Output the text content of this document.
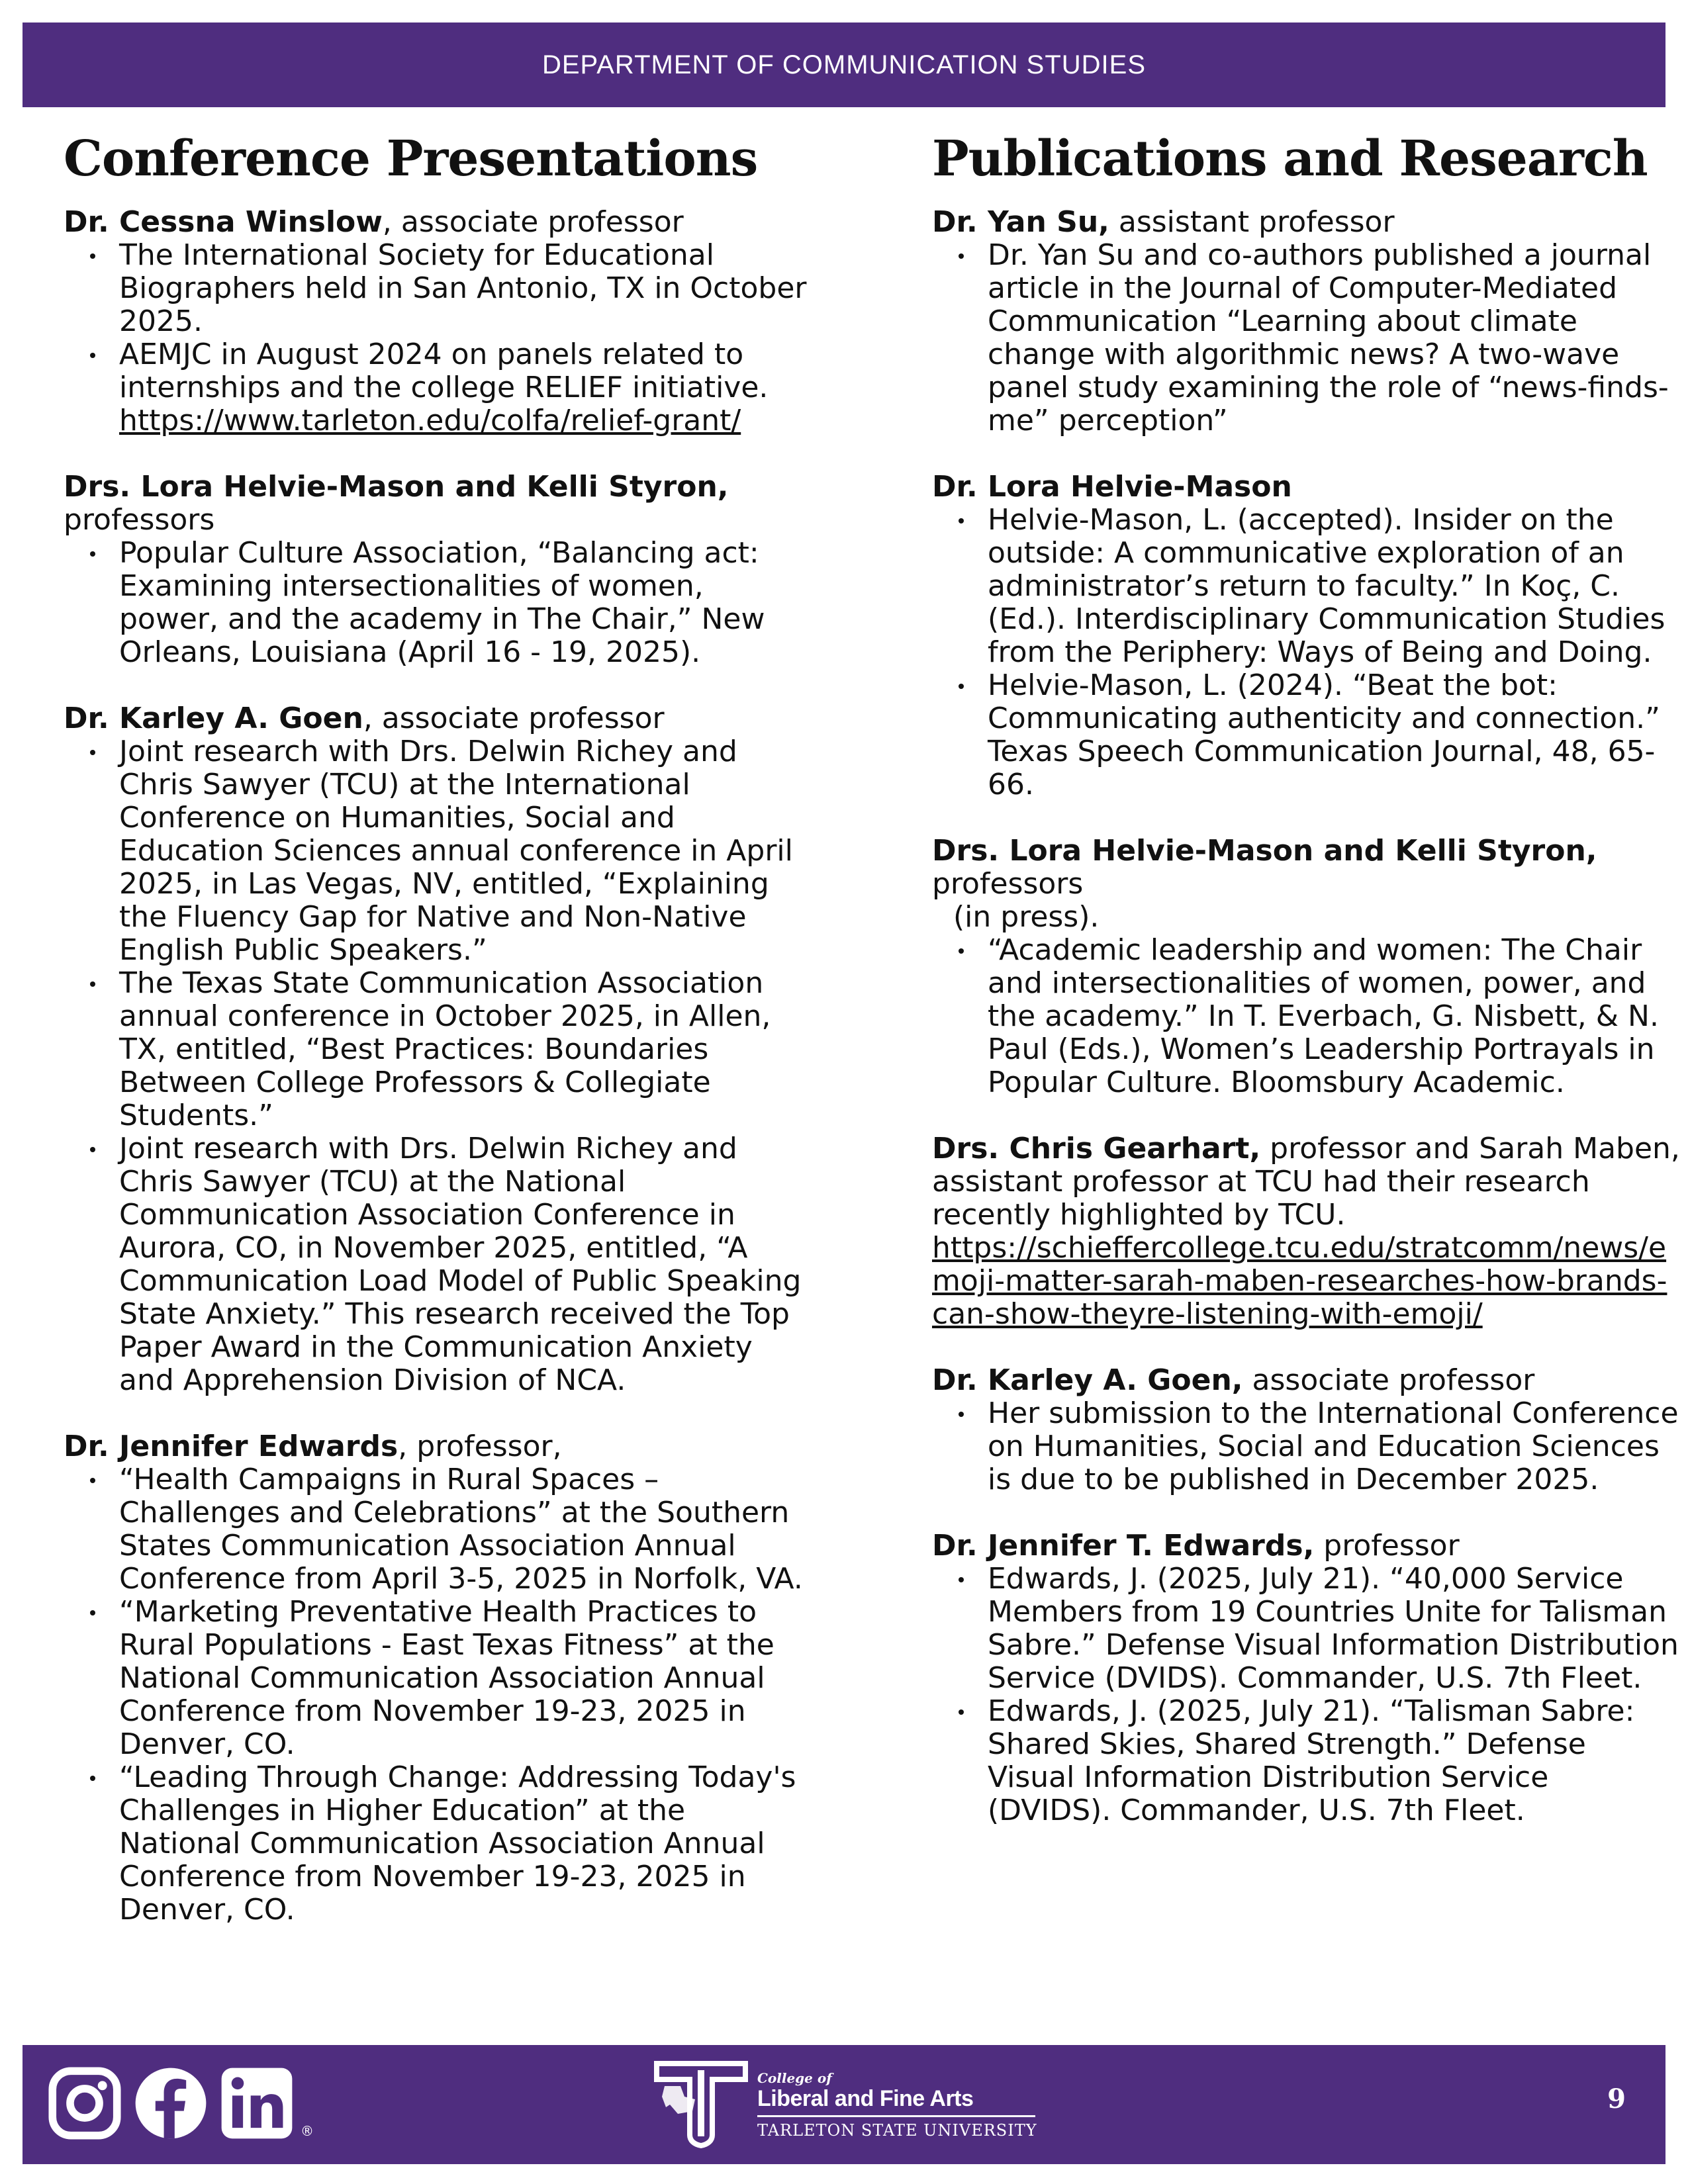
DEPARTMENT OF COMMUNICATION STUDIES
Conference Presentations
Dr. Cessna Winslow, associate professor
The International Society for Educational Biographers held in San Antonio, TX in October 2025.
AEMJC in August 2024 on panels related to internships and the college RELIEF initiative.
https://www.tarleton.edu/colfa/relief-grant/
Drs. Lora Helvie-Mason and Kelli Styron,
professors
Popular Culture Association, “Balancing act: Examining intersectionalities of women, power, and the academy in The Chair,” New Orleans, Louisiana (April 16 - 19, 2025).
Dr. Karley A. Goen, associate professor
Joint research with Drs. Delwin Richey and Chris Sawyer (TCU) at the International Conference on Humanities, Social and Education Sciences annual conference in April 2025, in Las Vegas, NV, entitled, “Explaining the Fluency Gap for Native and Non-Native English Public Speakers.”
The Texas State Communication Association annual conference in October 2025, in Allen, TX, entitled, “Best Practices: Boundaries Between College Professors & Collegiate Students.”
Joint research with Drs. Delwin Richey and Chris Sawyer (TCU) at the National Communication Association Conference in Aurora, CO, in November 2025, entitled, “A Communication Load Model of Public Speaking State Anxiety.” This research received the Top Paper Award in the Communication Anxiety and Apprehension Division of NCA.
Dr. Jennifer Edwards, professor,
“Health Campaigns in Rural Spaces – Challenges and Celebrations” at the Southern States Communication Association Annual Conference from April 3-5, 2025 in Norfolk, VA.
“Marketing Preventative Health Practices to Rural Populations - East Texas Fitness” at the National Communication Association Annual Conference from November 19-23, 2025 in Denver, CO.
“Leading Through Change: Addressing Today's Challenges in Higher Education” at the National Communication Association Annual Conference from November 19-23, 2025 in Denver, CO.
Publications and Research
Dr. Yan Su, assistant professor
Dr. Yan Su and co-authors published a journal article in the Journal of Computer-Mediated Communication “Learning about climate change with algorithmic news? A two-wave panel study examining the role of “news-finds-me” perception”
Dr. Lora Helvie-Mason
Helvie-Mason, L. (accepted). Insider on the outside: A communicative exploration of an administrator’s return to faculty.” In Koç, C. (Ed.). Interdisciplinary Communication Studies from the Periphery: Ways of Being and Doing.
Helvie-Mason, L. (2024). “Beat the bot: Communicating authenticity and connection.” Texas Speech Communication Journal, 48, 65-66.
Drs. Lora Helvie-Mason and Kelli Styron,
professors
(in press).
“Academic leadership and women: The Chair and intersectionalities of women, power, and the academy.” In T. Everbach, G. Nisbett, & N. Paul (Eds.), Women’s Leadership Portrayals in Popular Culture. Bloomsbury Academic.
Drs. Chris Gearhart, professor and Sarah Maben, assistant professor at TCU had their research recently highlighted by TCU.
https://schieffercollege.tcu.edu/stratcomm/news/emoji-matter-sarah-maben-researches-how-brands-can-show-theyre-listening-with-emoji/
Dr. Karley A. Goen, associate professor
Her submission to the International Conference on Humanities, Social and Education Sciences is due to be published in December 2025.
Dr. Jennifer T. Edwards, professor
Edwards, J. (2025, July 21). “40,000 Service Members from 19 Countries Unite for Talisman Sabre.” Defense Visual Information Distribution Service (DVIDS). Commander, U.S. 7th Fleet.
Edwards, J. (2025, July 21). “Talisman Sabre: Shared Skies, Shared Strength.” Defense Visual Information Distribution Service (DVIDS). Commander, U.S. 7th Fleet.
®
College of
Liberal and Fine Arts
TARLETON STATE UNIVERSITY
9
